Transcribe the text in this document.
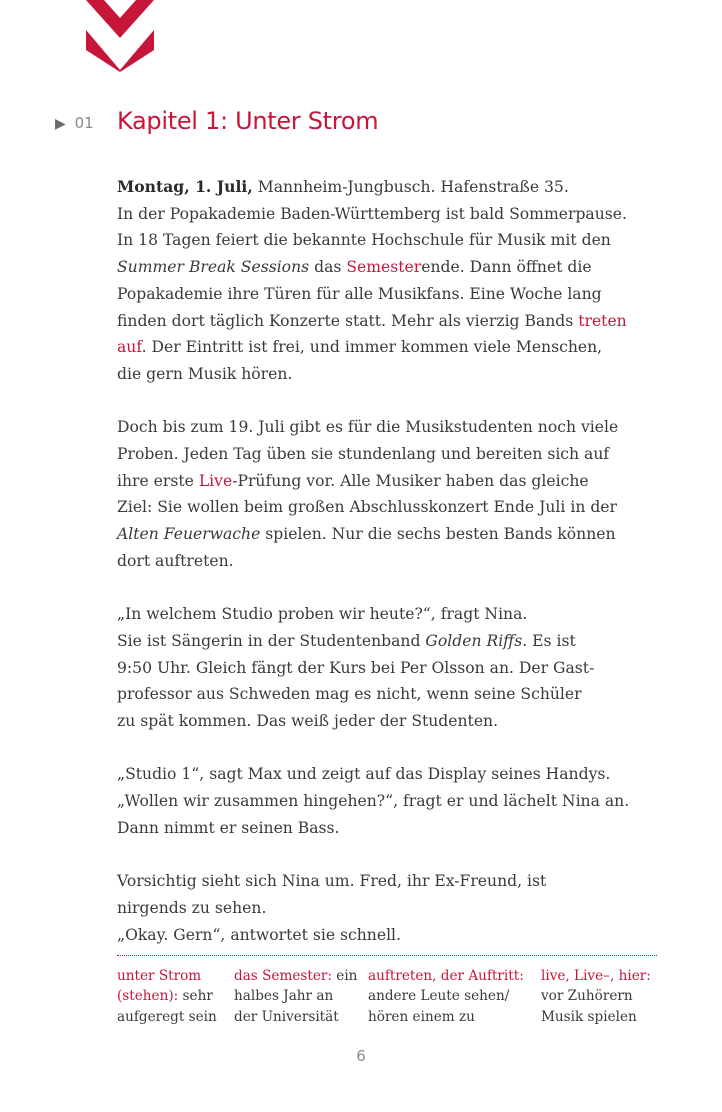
▶ 01 Kapitel 1: Unter Strom

Montag, 1. Juli, Mannheim-Jungbusch. Hafenstraße 35.
In der Popakademie Baden-Württemberg ist bald Sommerpause.
In 18 Tagen feiert die bekannte Hochschule für Musik mit den
Summer Break Sessions das Semesterende. Dann öffnet die
Popakademie ihre Türen für alle Musikfans. Eine Woche lang
finden dort täglich Konzerte statt. Mehr als vierzig Bands treten
auf. Der Eintritt ist frei, und immer kommen viele Menschen,
die gern Musik hören.

Doch bis zum 19. Juli gibt es für die Musikstudenten noch viele
Proben. Jeden Tag üben sie stundenlang und bereiten sich auf
ihre erste Live-Prüfung vor. Alle Musiker haben das gleiche
Ziel: Sie wollen beim großen Abschlusskonzert Ende Juli in der
Alten Feuerwache spielen. Nur die sechs besten Bands können
dort auftreten.

„In welchem Studio proben wir heute?“, fragt Nina.
Sie ist Sängerin in der Studentenband Golden Riffs. Es ist
9:50 Uhr. Gleich fängt der Kurs bei Per Olsson an. Der Gast-
professor aus Schweden mag es nicht, wenn seine Schüler
zu spät kommen. Das weiß jeder der Studenten.

„Studio 1“, sagt Max und zeigt auf das Display seines Handys.
„Wollen wir zusammen hingehen?“, fragt er und lächelt Nina an.
Dann nimmt er seinen Bass.

Vorsichtig sieht sich Nina um. Fred, ihr Ex-Freund, ist
nirgends zu sehen.
„Okay. Gern“, antwortet sie schnell.

unter Strom
(stehen): sehr
aufgeregt sein
das Semester: ein
halbes Jahr an
der Universität
auftreten, der Auftritt:
andere Leute sehen/
hören einem zu
live, Live–, hier:
vor Zuhörern
Musik spielen
6
